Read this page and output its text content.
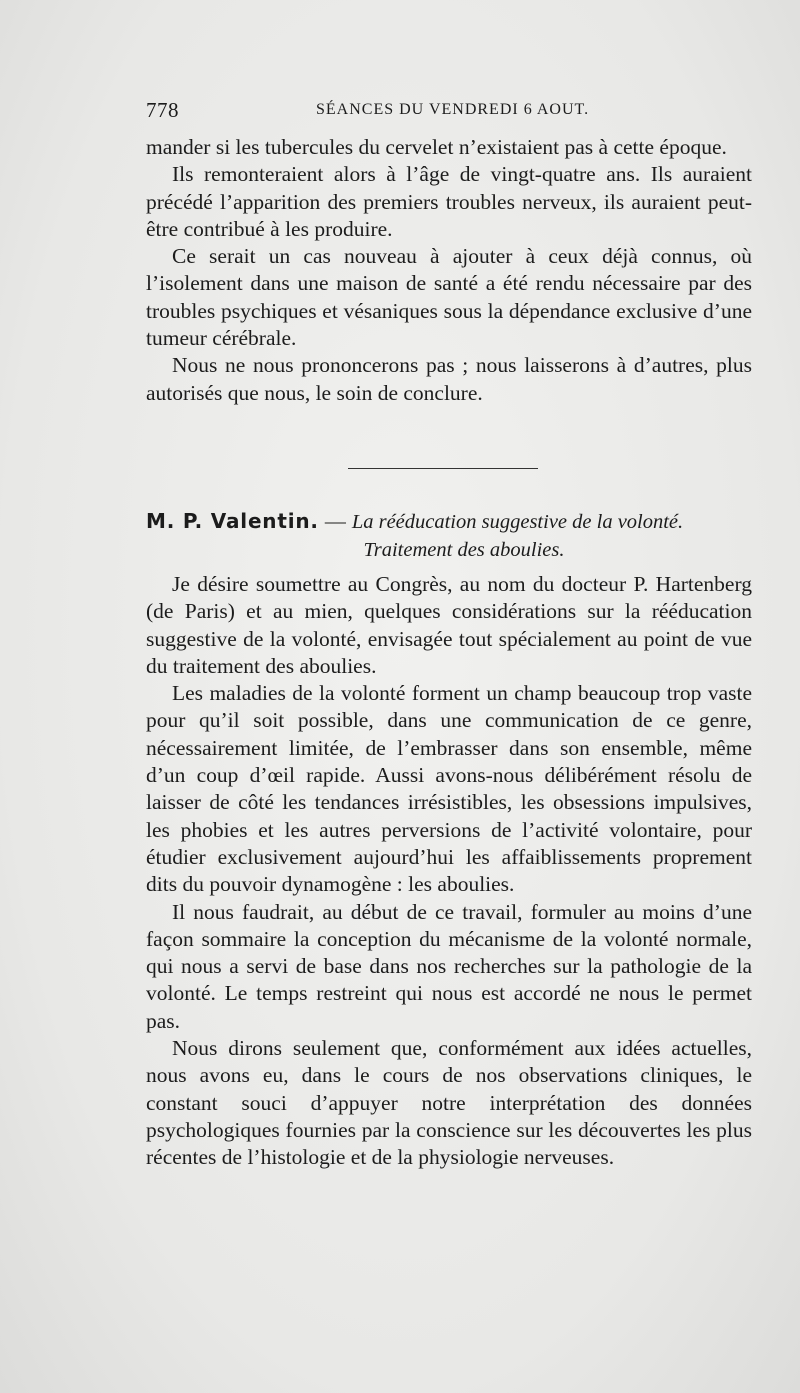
778	SÉANCES DU VENDREDI 6 AOUT.

mander si les tubercules du cervelet n’existaient pas à cette époque.

Ils remonteraient alors à l’âge de vingt-quatre ans. Ils auraient précédé l’apparition des premiers troubles nerveux, ils auraient peut-être contribué à les produire.

Ce serait un cas nouveau à ajouter à ceux déjà connus, où l’isolement dans une maison de santé a été rendu nécessaire par des troubles psychiques et vésaniques sous la dépendance exclusive d’une tumeur cérébrale.

Nous ne nous prononcerons pas ; nous laisserons à d’autres, plus autorisés que nous, le soin de conclure.

M. P. Valentin. — La rééducation suggestive de la volonté.
Traitement des aboulies.

Je désire soumettre au Congrès, au nom du docteur P. Hartenberg (de Paris) et au mien, quelques considérations sur la rééducation suggestive de la volonté, envisagée tout spécialement au point de vue du traitement des aboulies.

Les maladies de la volonté forment un champ beaucoup trop vaste pour qu’il soit possible, dans une communication de ce genre, nécessairement limitée, de l’embrasser dans son ensemble, même d’un coup d’œil rapide. Aussi avons-nous délibérément résolu de laisser de côté les tendances irrésistibles, les obsessions impulsives, les phobies et les autres perversions de l’activité volontaire, pour étudier exclusivement aujourd’hui les affaiblissements proprement dits du pouvoir dynamogène : les aboulies.

Il nous faudrait, au début de ce travail, formuler au moins d’une façon sommaire la conception du mécanisme de la volonté normale, qui nous a servi de base dans nos recherches sur la pathologie de la volonté. Le temps restreint qui nous est accordé ne nous le permet pas.

Nous dirons seulement que, conformément aux idées actuelles, nous avons eu, dans le cours de nos observations cliniques, le constant souci d’appuyer notre interprétation des données psychologiques fournies par la conscience sur les découvertes les plus récentes de l’histologie et de la physiologie nerveuses.
